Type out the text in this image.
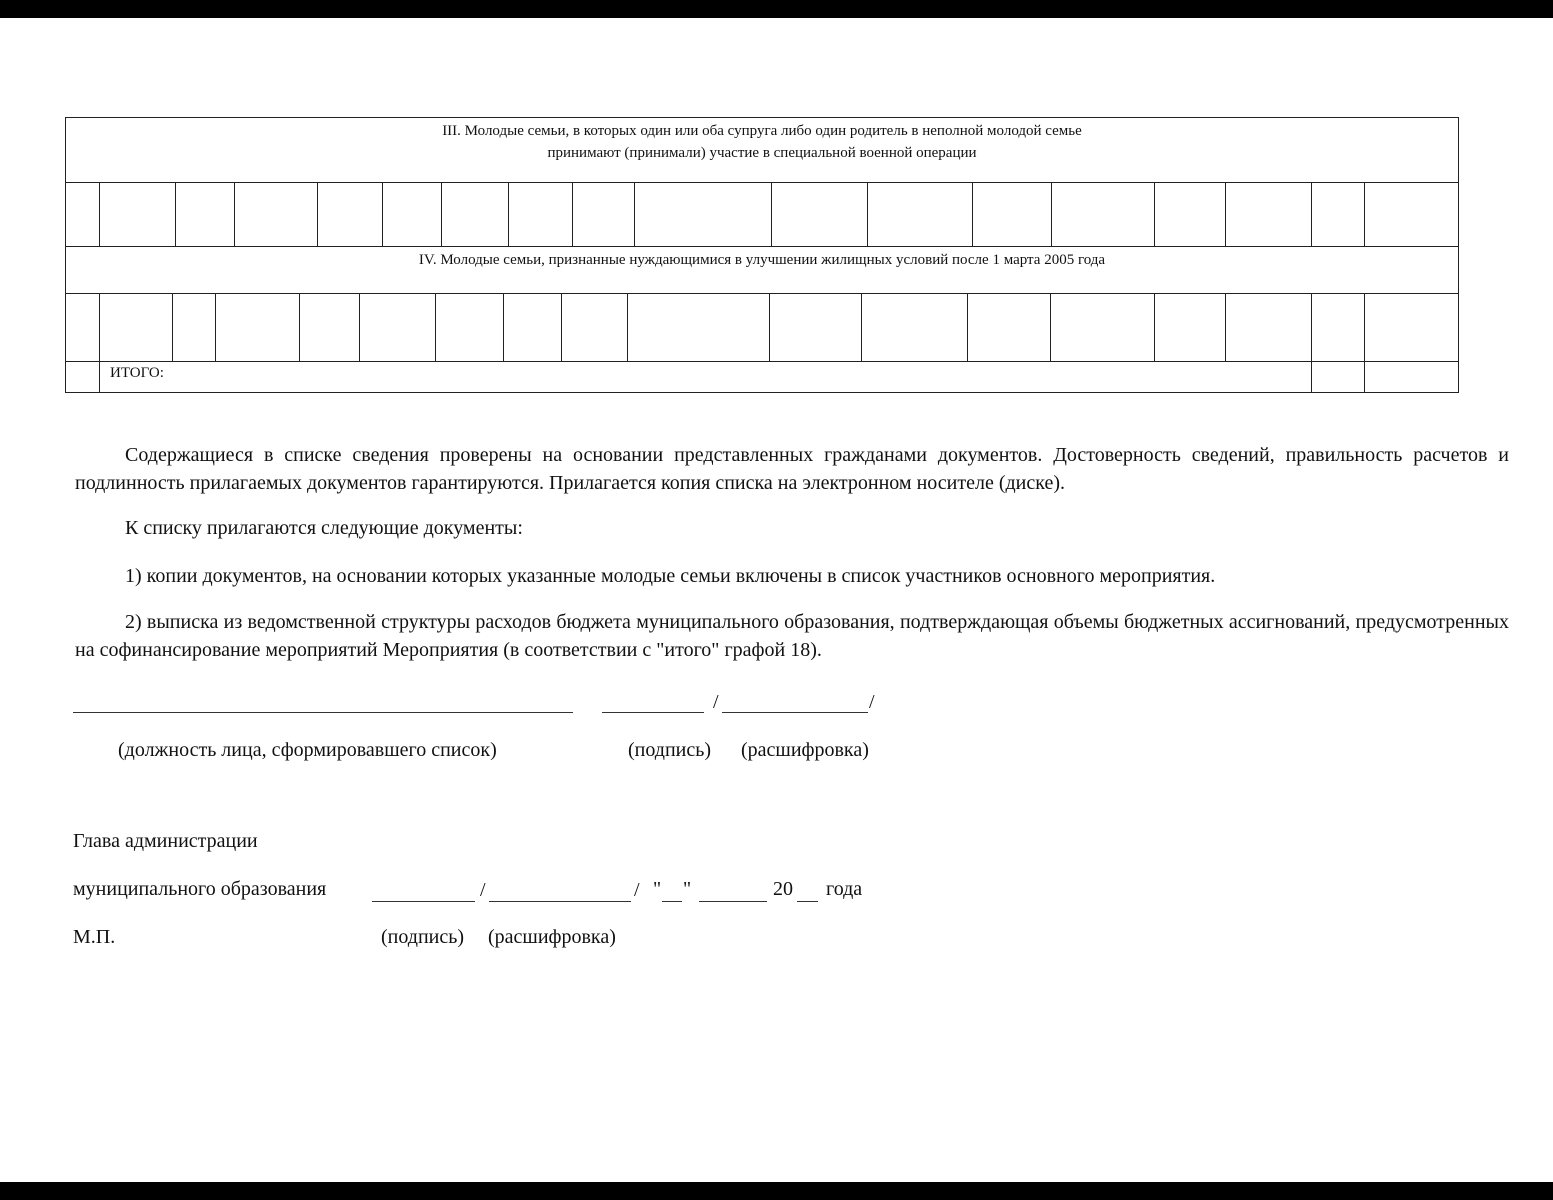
III. Молодые семьи, в которых один или оба супруга либо один родитель в неполной молодой семье
принимают (принимали) участие в специальной военной операции
IV. Молодые семьи, признанные нуждающимися в улучшении жилищных условий после 1 марта 2005 года
ИТОГО:
Содержащиеся в списке сведения проверены на основании представленных гражданами документов. Достоверность сведений, правильность расчетов и подлинность прилагаемых документов гарантируются. Прилагается копия списка на электронном носителе (диске).
К списку прилагаются следующие документы:
1) копии документов, на основании которых указанные молодые семьи включены в список участников основного мероприятия.
2) выписка из ведомственной структуры расходов бюджета муниципального образования, подтверждающая объемы бюджетных ассигнований, предусмотренных на софинансирование мероприятий Мероприятия (в соответствии с "итого" графой 18).
/	/
(должность лица, сформировавшего список)	(подпись) (расшифровка)
Глава администрации
муниципального образования	/	/ " "	20 года
М.П.	(подпись) (расшифровка)
